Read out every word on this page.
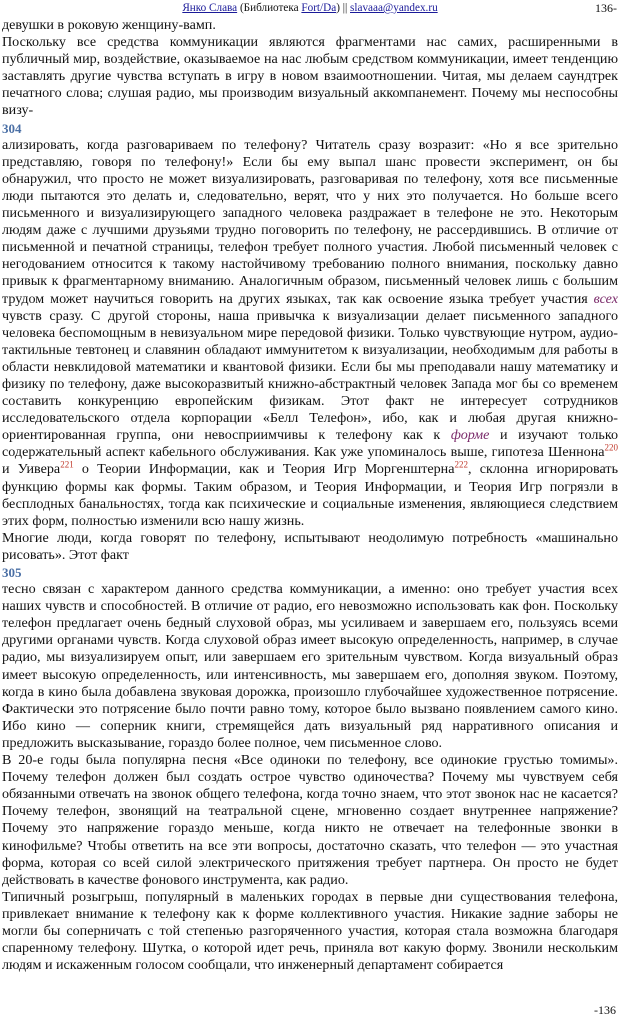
Янко Слава (Библиотека Fort/Da) || slavaaa@yandex.ru	136-

девушки в роковую женщину-вамп.

Поскольку все средства коммуникации являются фрагментами нас самих, расширенными в публичный мир, воздействие, оказываемое на нас любым средством коммуникации, имеет тенденцию заставлять другие чувства вступать в игру в новом взаимоотношении. Читая, мы делаем саундтрек печатного слова; слушая радио, мы производим визуальный аккомпанемент. Почему мы неспособны визу-

304

ализировать, когда разговариваем по телефону? Читатель сразу возразит: «Но я все зрительно представляю, говоря по телефону!» Если бы ему выпал шанс провести эксперимент, он бы обнаружил, что просто не может визуализировать, разговаривая по телефону, хотя все письменные люди пытаются это делать и, следовательно, верят, что у них это получается. Но больше всего письменного и визуализирующего западного человека раздражает в телефоне не это. Некоторым людям даже с лучшими друзьями трудно поговорить по телефону, не рассердившись. В отличие от письменной и печатной страницы, телефон требует полного участия. Любой письменный человек с негодованием относится к такому настойчивому требованию полного внимания, поскольку давно привык к фрагментарному вниманию. Аналогичным образом, письменный человек лишь с большим трудом может научиться говорить на других языках, так как освоение языка требует участия всех чувств сразу. С другой стороны, наша привычка к визуализации делает письменного западного человека беспомощным в невизуальном мире передовой физики. Только чувствующие нутром, аудио-тактильные тевтонец и славянин обладают иммунитетом к визуализации, необходимым для работы в области невклидовой математики и квантовой физики. Если бы мы преподавали нашу математику и физику по телефону, даже высокоразвитый книжно-абстрактный человек Запада мог бы со временем составить конкуренцию европейским физикам. Этот факт не интересует сотрудников исследовательского отдела корпорации «Белл Телефон», ибо, как и любая другая книжно-ориентированная группа, они невосприимчивы к телефону как к форме и изучают только содержательный аспект кабельного обслуживания. Как уже упоминалось выше, гипотеза Шеннона$^{220}$ и Уивера$^{221}$ о Теории Информации, как и Теория Игр Моргенштерна$^{222}$, склонна игнорировать функцию формы как формы. Таким образом, и Теория Информации, и Теория Игр погрязли в бесплодных банальностях, тогда как психические и социальные изменения, являющиеся следствием этих форм, полностью изменили всю нашу жизнь.

Многие люди, когда говорят по телефону, испытывают неодолимую потребность «машинально рисовать». Этот факт

305

тесно связан с характером данного средства коммуникации, а именно: оно требует участия всех наших чувств и способностей. В отличие от радио, его невозможно использовать как фон. Поскольку телефон предлагает очень бедный слуховой образ, мы усиливаем и завершаем его, пользуясь всеми другими органами чувств. Когда слуховой образ имеет высокую определенность, например, в случае радио, мы визуализируем опыт, или завершаем его зрительным чувством. Когда визуальный образ имеет высокую определенность, или интенсивность, мы завершаем его, дополняя звуком. Поэтому, когда в кино была добавлена звуковая дорожка, произошло глубочайшее художественное потрясение. Фактически это потрясение было почти равно тому, которое было вызвано появлением самого кино. Ибо кино — соперник книги, стремящейся дать визуальный ряд нарративного описания и предложить высказывание, гораздо более полное, чем письменное слово.

В 20-е годы была популярна песня «Все одиноки по телефону, все одинокие грустью томимы». Почему телефон должен был создать острое чувство одиночества? Почему мы чувствуем себя обязанными отвечать на звонок общего телефона, когда точно знаем, что этот звонок нас не касается? Почему телефон, звонящий на театральной сцене, мгновенно создает внутреннее напряжение? Почему это напряжение гораздо меньше, когда никто не отвечает на телефонные звонки в кинофильме? Чтобы ответить на все эти вопросы, достаточно сказать, что телефон — это участная форма, которая со всей силой электрического притяжения требует партнера. Он просто не будет действовать в качестве фонового инструмента, как радио.

Типичный розыгрыш, популярный в маленьких городах в первые дни существования телефона, привлекает внимание к телефону как к форме коллективного участия. Никакие задние заборы не могли бы соперничать с той степенью разгоряченного участия, которая стала возможна благодаря спаренному телефону. Шутка, о которой идет речь, приняла вот какую форму. Звонили нескольким людям и искаженным голосом сообщали, что инженерный департамент собирается

-136
